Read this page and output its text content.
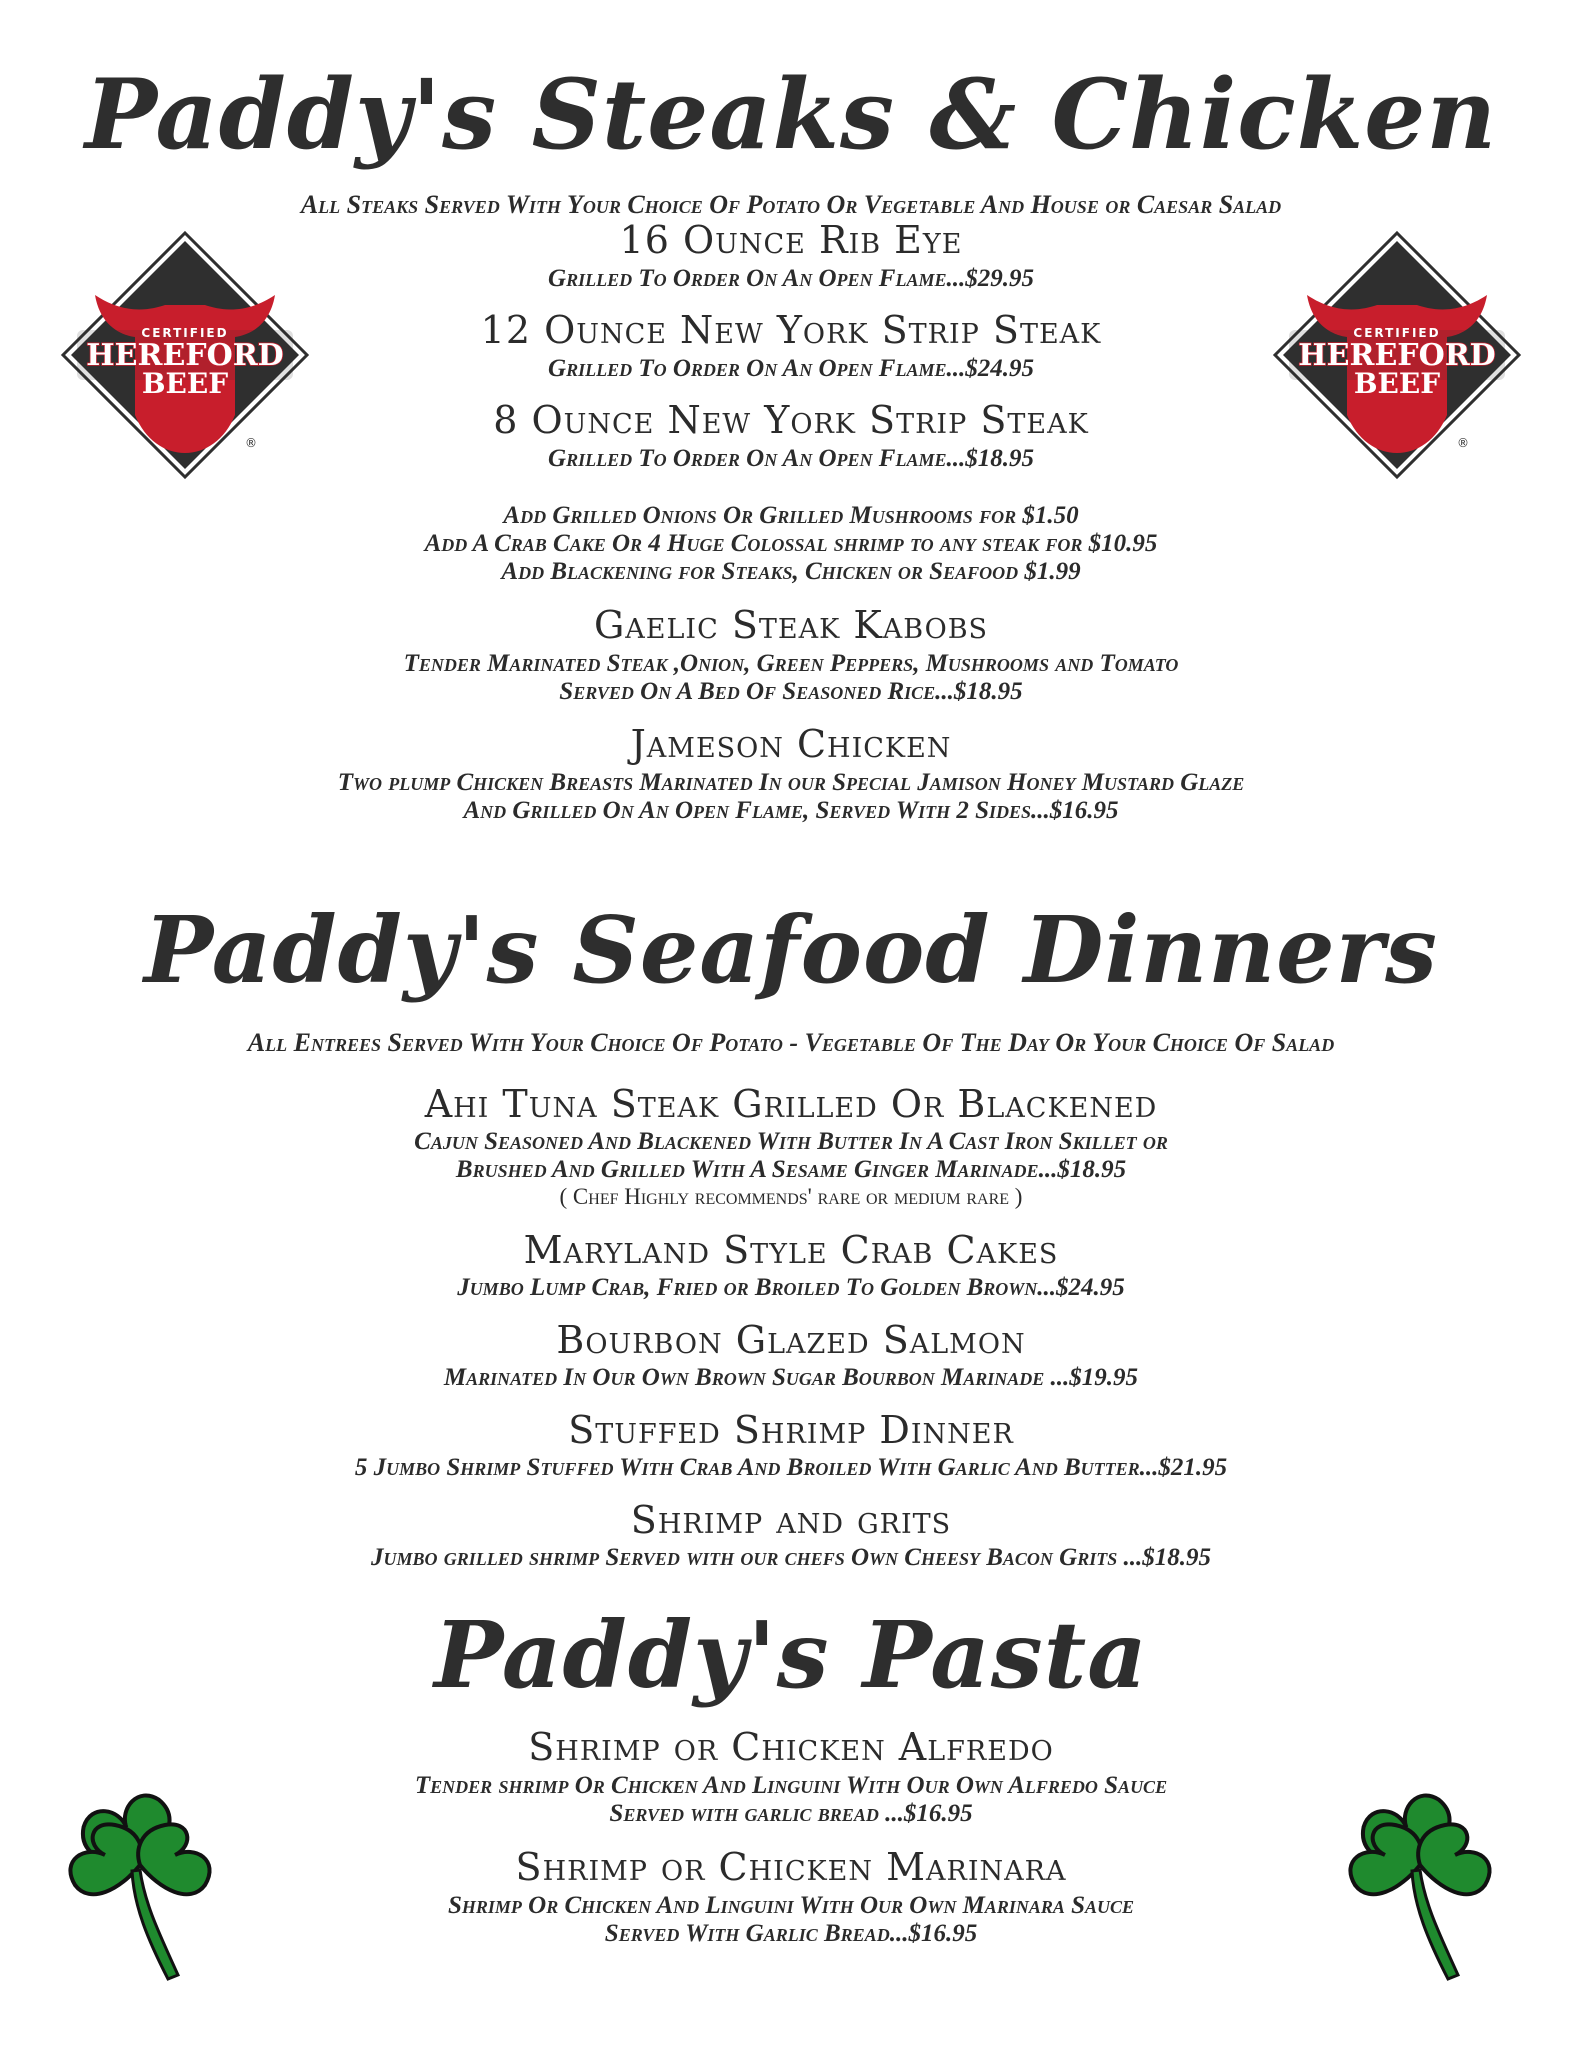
CERTIFIED
HEREFORD
BEEF
®
CERTIFIED
HEREFORD
BEEF
®
Paddy's Steaks & Chicken
All Steaks Served With Your Choice Of Potato Or Vegetable And House or Caesar Salad
16 Ounce Rib Eye
Grilled To Order On An Open Flame...$29.95
12 Ounce New York Strip Steak
Grilled To Order On An Open Flame...$24.95
8 Ounce New York Strip Steak
Grilled To Order On An Open Flame...$18.95
Add Grilled Onions Or Grilled Mushrooms for $1.50
Add A Crab Cake Or 4 Huge Colossal shrimp to any steak for $10.95
Add Blackening for Steaks, Chicken or Seafood $1.99
Gaelic Steak Kabobs
Tender Marinated Steak ,Onion, Green Peppers, Mushrooms and Tomato
Served On A Bed Of Seasoned Rice...$18.95
Jameson Chicken
Two plump Chicken Breasts Marinated In our Special Jamison Honey Mustard Glaze
And Grilled On An Open Flame, Served With 2 Sides...$16.95
Paddy's Seafood Dinners
All Entrees Served With Your Choice Of Potato - Vegetable Of The Day Or Your Choice Of Salad
Ahi Tuna Steak Grilled Or Blackened
Cajun Seasoned And Blackened With Butter In A Cast Iron Skillet or
Brushed And Grilled With A Sesame Ginger Marinade...$18.95
( Chef Highly recommends' rare or medium rare )
Maryland Style Crab Cakes
Jumbo Lump Crab, Fried or Broiled To Golden Brown...$24.95
Bourbon Glazed Salmon
Marinated In Our Own Brown Sugar Bourbon Marinade ...$19.95
Stuffed Shrimp Dinner
5 Jumbo Shrimp Stuffed With Crab And Broiled With Garlic And Butter...$21.95
Shrimp and grits
Jumbo grilled shrimp Served with our chefs Own Cheesy Bacon Grits ...$18.95
Paddy's Pasta
Shrimp or Chicken Alfredo
Tender shrimp Or Chicken And Linguini With Our Own Alfredo Sauce
Served with garlic bread ...$16.95
Shrimp or Chicken Marinara
Shrimp Or Chicken And Linguini With Our Own Marinara Sauce
Served With Garlic Bread...$16.95
